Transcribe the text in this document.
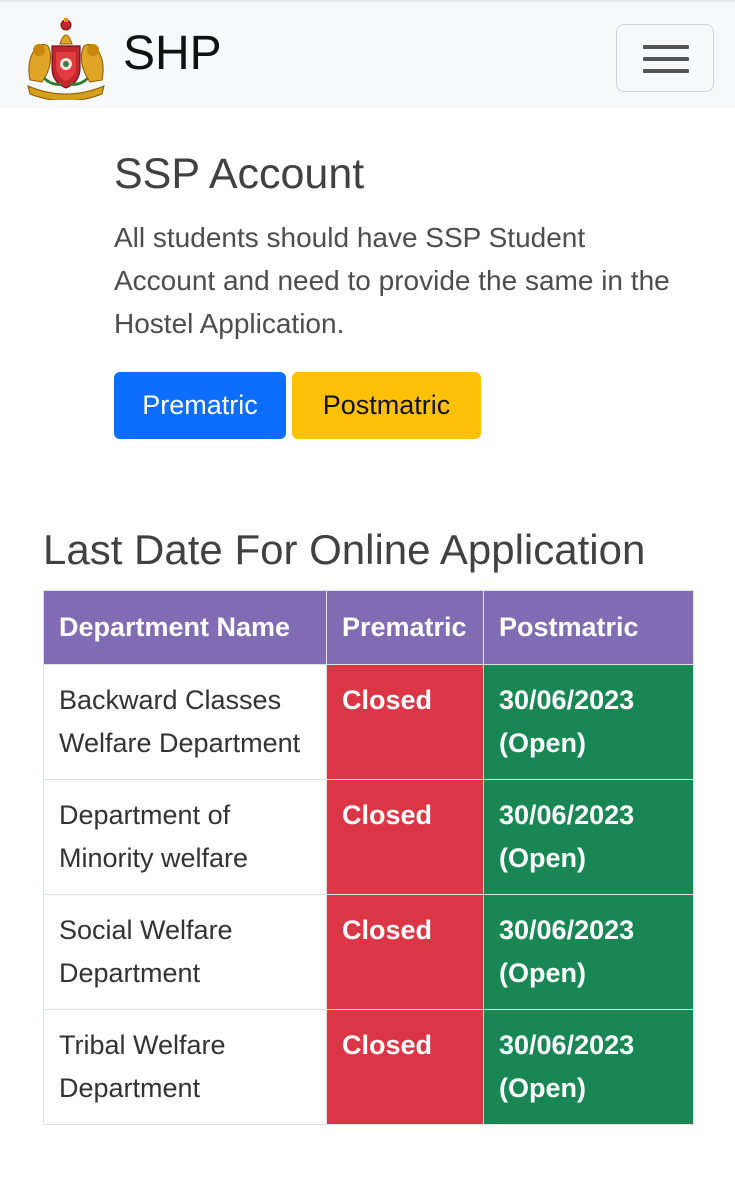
SHP
SSP Account

All students should have SSP Student Account and need to provide the same in the Hostel Application.

Prematric	Postmatric
Last Date For Online Application
Department Name	Prematric	Postmatric
Backward Classes Welfare Department	Closed	30/06/2023 (Open)
Department of Minority welfare	Closed	30/06/2023 (Open)
Social Welfare Department	Closed	30/06/2023 (Open)
Tribal Welfare Department	Closed	30/06/2023 (Open)
